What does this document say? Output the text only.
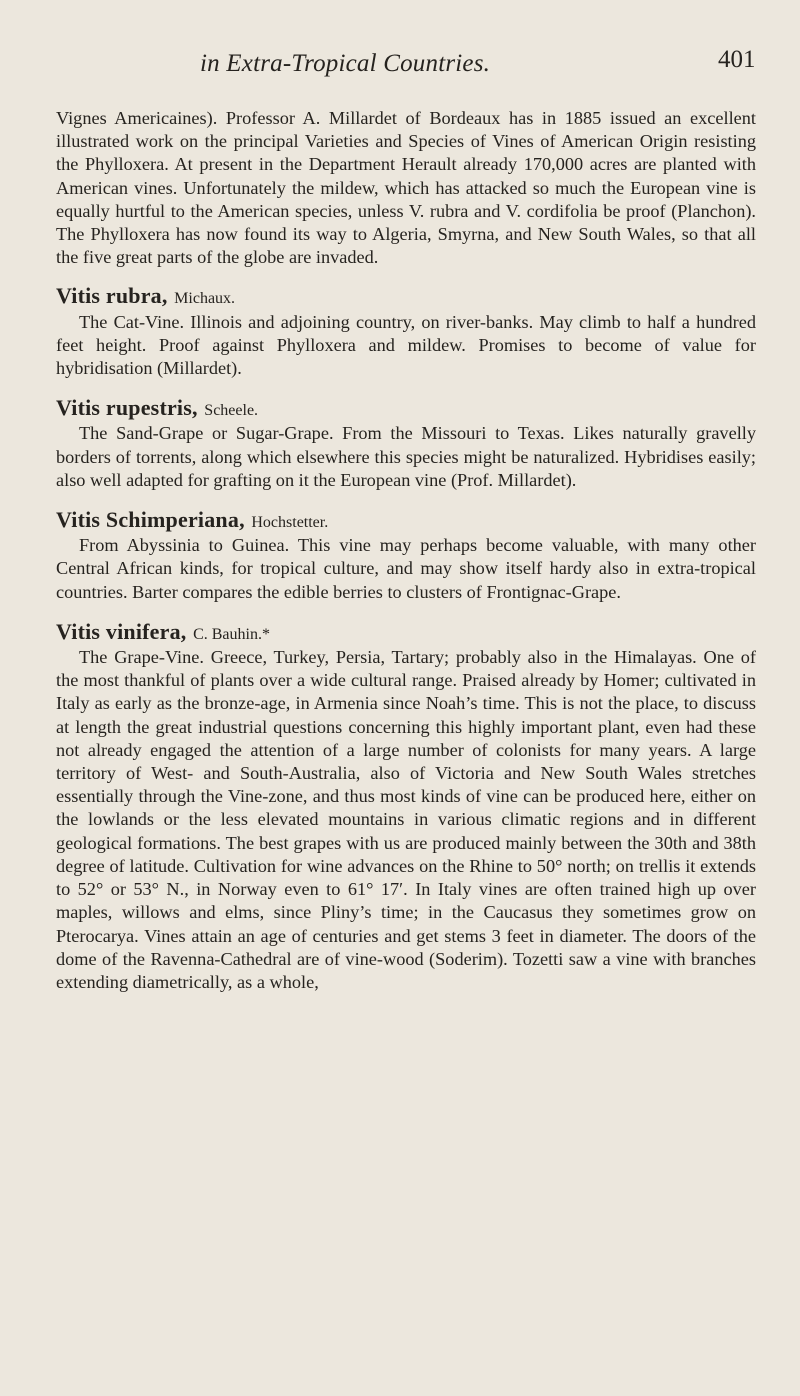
in Extra-Tropical Countries.	401

Vignes Americaines). Professor A. Millardet of Bordeaux has in 1885 issued an excellent illustrated work on the principal Varieties and Species of Vines of American Origin resisting the Phylloxera. At present in the Department Herault already 170,000 acres are planted with American vines. Unfortunately the mildew, which has attacked so much the European vine is equally hurtful to the American species, unless V. rubra and V. cordifolia be proof (Planchon). The Phylloxera has now found its way to Algeria, Smyrna, and New South Wales, so that all the five great parts of the globe are invaded.

Vitis rubra, Michaux.

The Cat-Vine. Illinois and adjoining country, on river-banks. May climb to half a hundred feet height. Proof against Phylloxera and mildew. Promises to become of value for hybridisation (Millardet).

Vitis rupestris, Scheele.

The Sand-Grape or Sugar-Grape. From the Missouri to Texas. Likes naturally gravelly borders of torrents, along which elsewhere this species might be naturalized. Hybridises easily; also well adapted for grafting on it the European vine (Prof. Millardet).

Vitis Schimperiana, Hochstetter.

From Abyssinia to Guinea. This vine may perhaps become valuable, with many other Central African kinds, for tropical culture, and may show itself hardy also in extra-tropical countries. Barter compares the edible berries to clusters of Frontignac-Grape.

Vitis vinifera, C. Bauhin.*

The Grape-Vine. Greece, Turkey, Persia, Tartary; probably also in the Himalayas. One of the most thankful of plants over a wide cultural range. Praised already by Homer; cultivated in Italy as early as the bronze-age, in Armenia since Noah’s time. This is not the place, to discuss at length the great industrial questions concerning this highly important plant, even had these not already engaged the attention of a large number of colonists for many years. A large territory of West- and South-Australia, also of Victoria and New South Wales stretches essentially through the Vine-zone, and thus most kinds of vine can be produced here, either on the lowlands or the less elevated mountains in various climatic regions and in different geological formations. The best grapes with us are produced mainly between the 30th and 38th degree of latitude. Cultivation for wine advances on the Rhine to 50° north; on trellis it extends to 52° or 53° N., in Norway even to 61° 17′. In Italy vines are often trained high up over maples, willows and elms, since Pliny’s time; in the Caucasus they sometimes grow on Pterocarya. Vines attain an age of centuries and get stems 3 feet in diameter. The doors of the dome of the Ravenna-Cathedral are of vine-wood (Soderim). Tozetti saw a vine with branches extending diametrically, as a whole,
